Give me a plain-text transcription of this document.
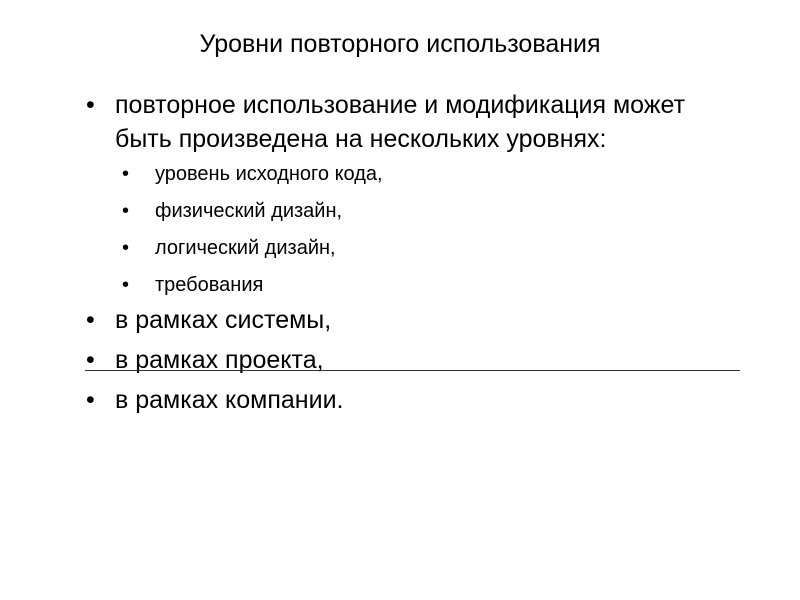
Уровни повторного использования
• повторное использование и модификация может быть произведена на нескольких уровнях:
•	уровень исходного кода,
•	физический дизайн,
•	логический дизайн,
•	требования
• в рамках системы,
• в рамках проекта,
• в рамках компании.
